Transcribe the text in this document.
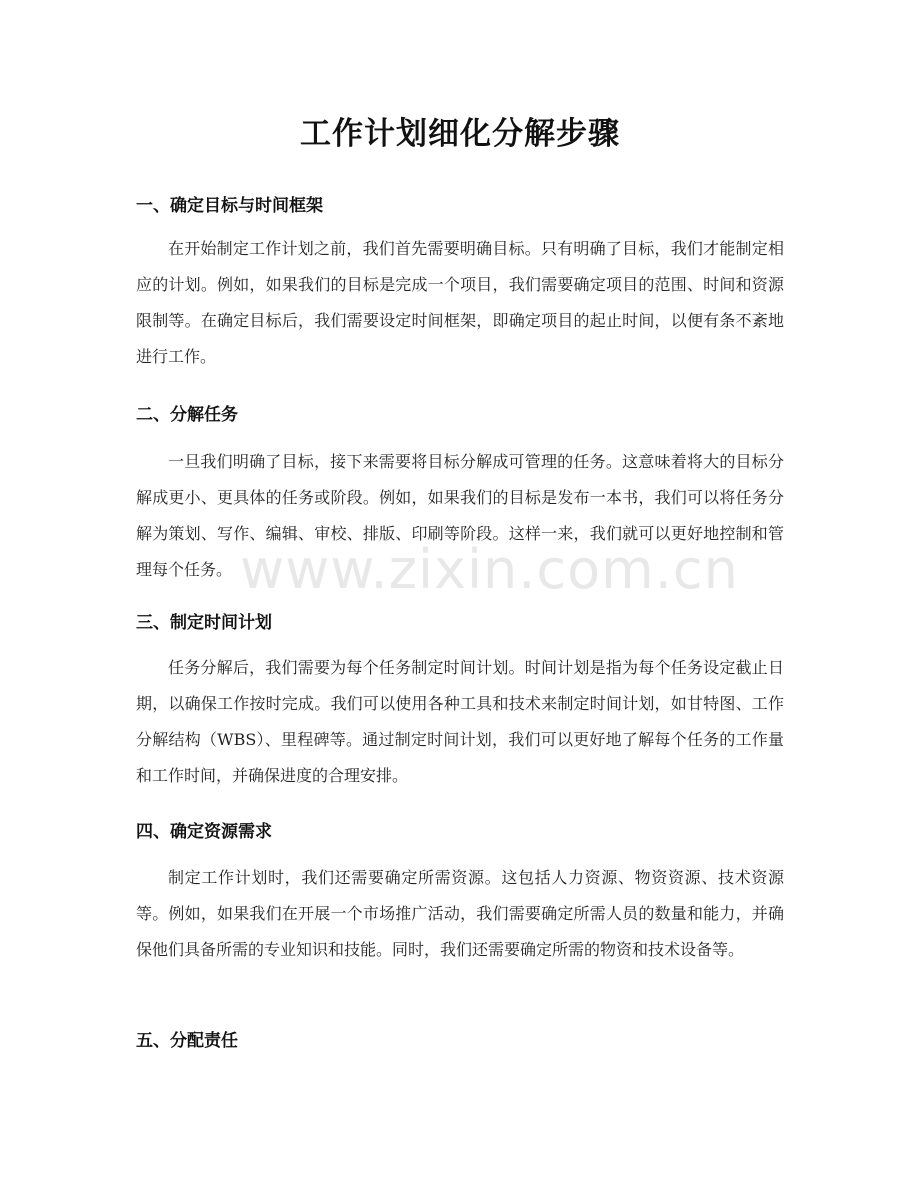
工作计划细化分解步骤
一、确定目标与时间框架

在开始制定工作计划之前，我们首先需要明确目标。只有明确了目标，我们才能制定相应的计划。例如，如果我们的目标是完成一个项目，我们需要确定项目的范围、时间和资源限制等。在确定目标后，我们需要设定时间框架，即确定项目的起止时间，以便有条不紊地进行工作。

二、分解任务

一旦我们明确了目标，接下来需要将目标分解成可管理的任务。这意味着将大的目标分解成更小、更具体的任务或阶段。例如，如果我们的目标是发布一本书，我们可以将任务分解为策划、写作、编辑、审校、排版、印刷等阶段。这样一来，我们就可以更好地控制和管理每个任务。

三、制定时间计划

任务分解后，我们需要为每个任务制定时间计划。时间计划是指为每个任务设定截止日期，以确保工作按时完成。我们可以使用各种工具和技术来制定时间计划，如甘特图、工作分解结构（WBS）、里程碑等。通过制定时间计划，我们可以更好地了解每个任务的工作量和工作时间，并确保进度的合理安排。

四、确定资源需求

制定工作计划时，我们还需要确定所需资源。这包括人力资源、物资资源、技术资源等。例如，如果我们在开展一个市场推广活动，我们需要确定所需人员的数量和能力，并确保他们具备所需的专业知识和技能。同时，我们还需要确定所需的物资和技术设备等。

五、分配责任
www.zixin.com.cn
